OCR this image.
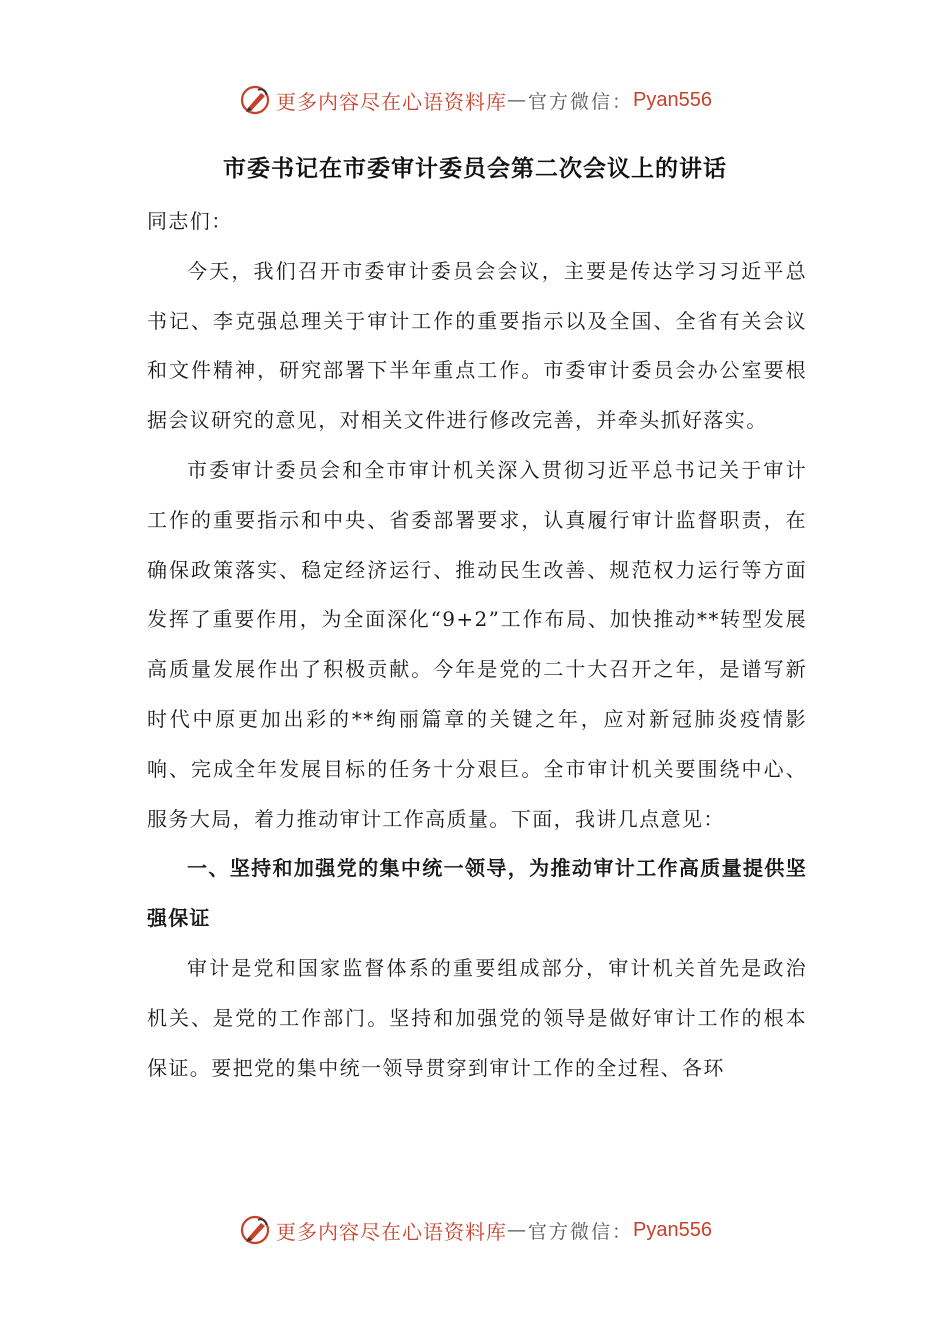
更多内容尽在心语资料库 — 官方微信： Pyan556
市委书记在市委审计委员会第二次会议上的讲话

同志们：

今天，我们召开市委审计委员会会议，主要是传达学习习近平总书记、李克强总理关于审计工作的重要指示以及全国、全省有关会议和文件精神，研究部署下半年重点工作。市委审计委员会办公室要根据会议研究的意见，对相关文件进行修改完善，并牵头抓好落实。

市委审计委员会和全市审计机关深入贯彻习近平总书记关于审计工作的重要指示和中央、省委部署要求，认真履行审计监督职责，在确保政策落实、稳定经济运行、推动民生改善、规范权力运行等方面发挥了重要作用，为全面深化“9+2”工作布局、加快推动**转型发展高质量发展作出了积极贡献。今年是党的二十大召开之年，是谱写新时代中原更加出彩的**绚丽篇章的关键之年，应对新冠肺炎疫情影响、完成全年发展目标的任务十分艰巨。全市审计机关要围绕中心、服务大局，着力推动审计工作高质量。下面，我讲几点意见：

一、坚持和加强党的集中统一领导，为推动审计工作高质量提供坚强保证

审计是党和国家监督体系的重要组成部分，审计机关首先是政治机关、是党的工作部门。坚持和加强党的领导是做好审计工作的根本保证。要把党的集中统一领导贯穿到审计工作的全过程、各环

更多内容尽在心语资料库 — 官方微信： Pyan556
